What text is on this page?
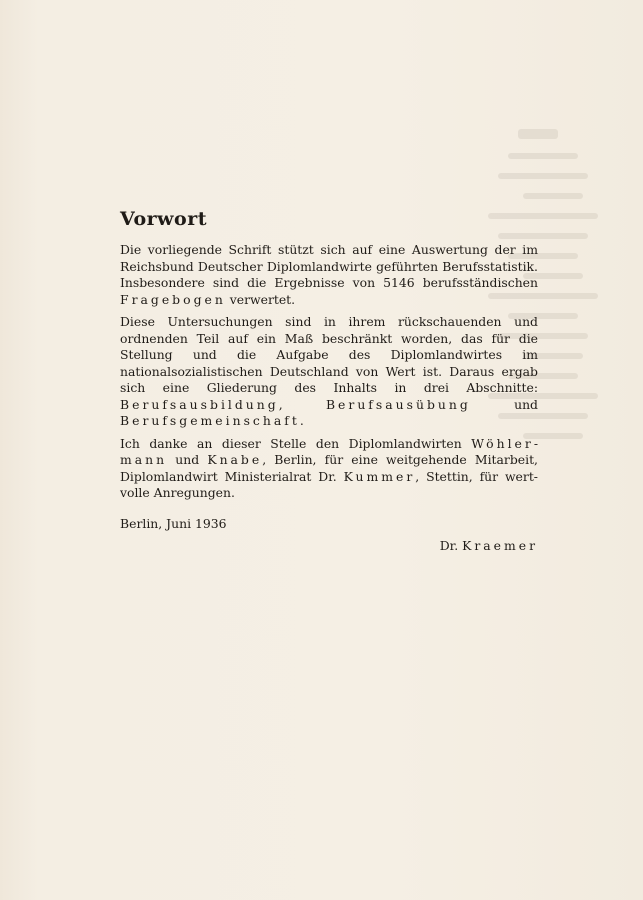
Vorwort

Die vorliegende Schrift stützt sich auf eine Auswertung der im Reichsbund Deutscher Diplomlandwirte geführten Berufsstatistik. Insbesondere sind die Ergebnisse von 5146 berufsständischen Fragebogen verwertet.

Diese Untersuchungen sind in ihrem rückschauenden und ordnenden Teil auf ein Maß beschränkt worden, das für die Stellung und die Aufgabe des Diplomlandwirtes im nationalsozialistischen Deutschland von Wert ist. Daraus ergab sich eine Gliederung des Inhalts in drei Abschnitte: Berufsausbildung, Berufsausübung und Berufsgemeinschaft.

Ich danke an dieser Stelle den Diplomlandwirten Wöhlermann und Knabe, Berlin, für eine weitgehende Mitarbeit, Diplomlandwirt Ministerialrat Dr. Kummer, Stettin, für wertvolle Anregungen.

Berlin, Juni 1936
Dr. Kraemer
